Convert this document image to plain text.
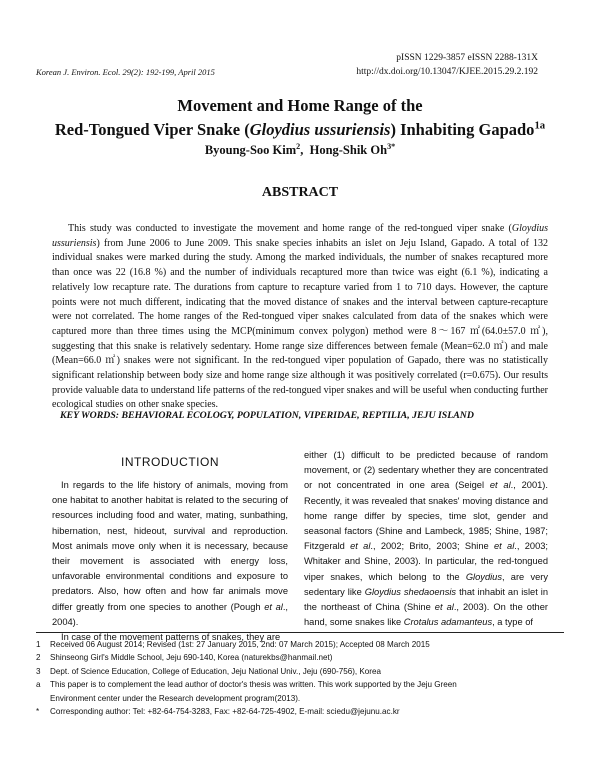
pISSN 1229-3857 eISSN 2288-131X
http://dx.doi.org/10.13047/KJEE.2015.29.2.192
Korean J. Environ. Ecol. 29(2): 192-199, April 2015
Movement and Home Range of the
Red-Tongued Viper Snake (Gloydius ussuriensis) Inhabiting Gapado$^{1a}$
Byoung-Soo Kim$^2$,  Hong-Shik $Oh^{3*}$
ABSTRACT
This study was conducted to investigate the movement and home range of the red-tongued viper snake (Gloydius ussuriensis) from June 2006 to June 2009. This snake species inhabits an islet on Jeju Island, Gapado. A total of 132 individual snakes were marked during the study. Among the marked individuals, the number of snakes recaptured more than once was 22 (16.8 %) and the number of individuals recaptured more than twice was eight (6.1 %), indicating a relatively low recapture rate. The durations from capture to recapture varied from 1 to 710 days. However, the capture points were not much different, indicating that the moved distance of snakes and the interval between capture-recapture were not correlated. The home ranges of the Red-tongued viper snakes calculated from data of the snakes which were captured more than three times using the MCP(minimum convex polygon) method were 8～167 ㎡(64.0±57.0 ㎡), suggesting that this snake is relatively sedentary. Home range size differences between female (Mean=62.0 ㎡) and male (Mean=66.0 ㎡) snakes were not significant. In the red-tongued viper population of Gapado, there was no statistically significant relationship between body size and home range size although it was positively correlated (r=0.675). Our results provide valuable data to understand life patterns of the red-tongued viper snakes and will be useful when conducting further ecological studies on other snake species.
KEY WORDS: BEHAVIORAL ECOLOGY, POPULATION, VIPERIDAE, REPTILIA, JEJU ISLAND
INTRODUCTION

In regards to the life history of animals, moving from one habitat to another habitat is related to the securing of resources including food and water, mating, sunbathing, hibernation, nest, hideout, survival and reproduction. Most animals move only when it is necessary, because their movement is associated with energy loss, unfavorable environmental conditions and exposure to predators. Also, how often and how far animals move differ greatly from one species to another (Pough et al., 2004).

In case of the movement patterns of snakes, they are

either (1) difficult to be predicted because of random movement, or (2) sedentary whether they are concentrated or not concentrated in one area (Seigel et al., 2001). Recently, it was revealed that snakes' moving distance and home range differ by species, time slot, gender and seasonal factors (Shine and Lambeck, 1985; Shine, 1987; Fitzgerald et al., 2002; Brito, 2003; Shine et al., 2003; Whitaker and Shine, 2003). In particular, the red-tongued viper snakes, which belong to the Gloydius, are very sedentary like Gloydius shedaoensis that inhabit an islet in the northeast of China (Shine et al., 2003). On the other hand, some snakes like Crotalus adamanteus, a type of

1	Received 06 August 2014; Revised (1st: 27 January 2015, 2nd: 07 March 2015); Accepted 08 March 2015
2	Shinseong Girl's Middle School, Jeju 690-140, Korea (naturekbs@hanmail.net)
3	Dept. of Science Education, College of Education, Jeju National Univ., Jeju (690-756), Korea
a	This paper is to complement the lead author of doctor's thesis was written. This work supported by the Jeju Green
Environment center under the Research development program(2013).
*	Corresponding author: Tel: +82-64-754-3283, Fax: +82-64-725-4902, E-mail: sciedu@jejunu.ac.kr
